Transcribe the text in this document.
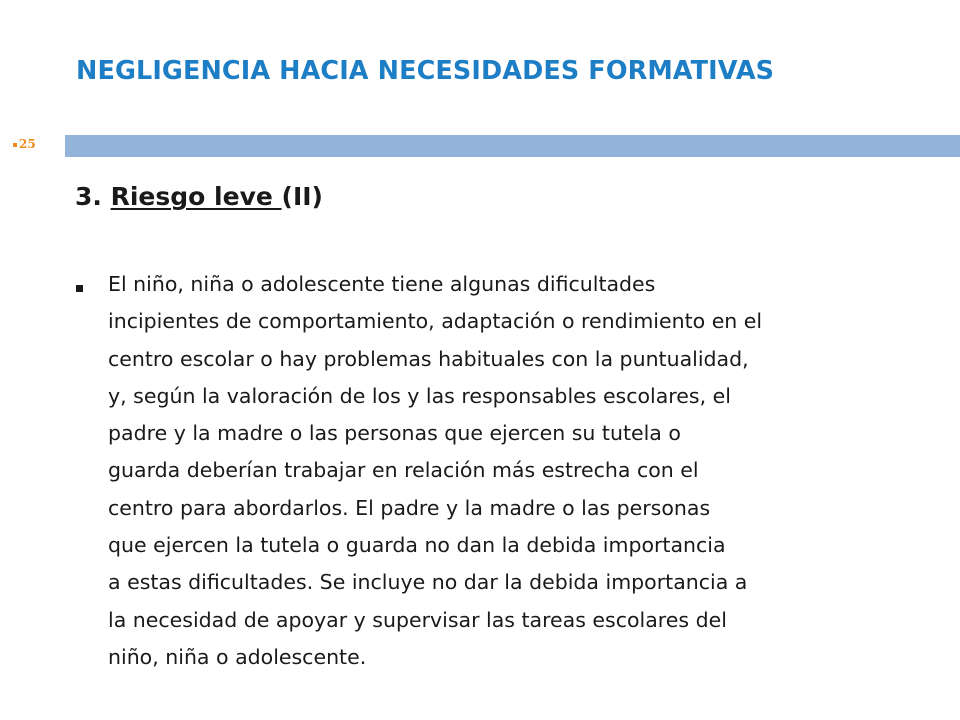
NEGLIGENCIA HACIA NECESIDADES FORMATIVAS
25
3. Riesgo leve (II)

El niño, niña o adolescente tiene algunas dificultades
incipientes de comportamiento, adaptación o rendimiento en el
centro escolar o hay problemas habituales con la puntualidad,
y, según la valoración de los y las responsables escolares, el
padre y la madre o las personas que ejercen su tutela o
guarda deberían trabajar en relación más estrecha con el
centro para abordarlos. El padre y la madre o las personas
que ejercen la tutela o guarda no dan la debida importancia
a estas dificultades. Se incluye no dar la debida importancia a
la necesidad de apoyar y supervisar las tareas escolares del
niño, niña o adolescente.
